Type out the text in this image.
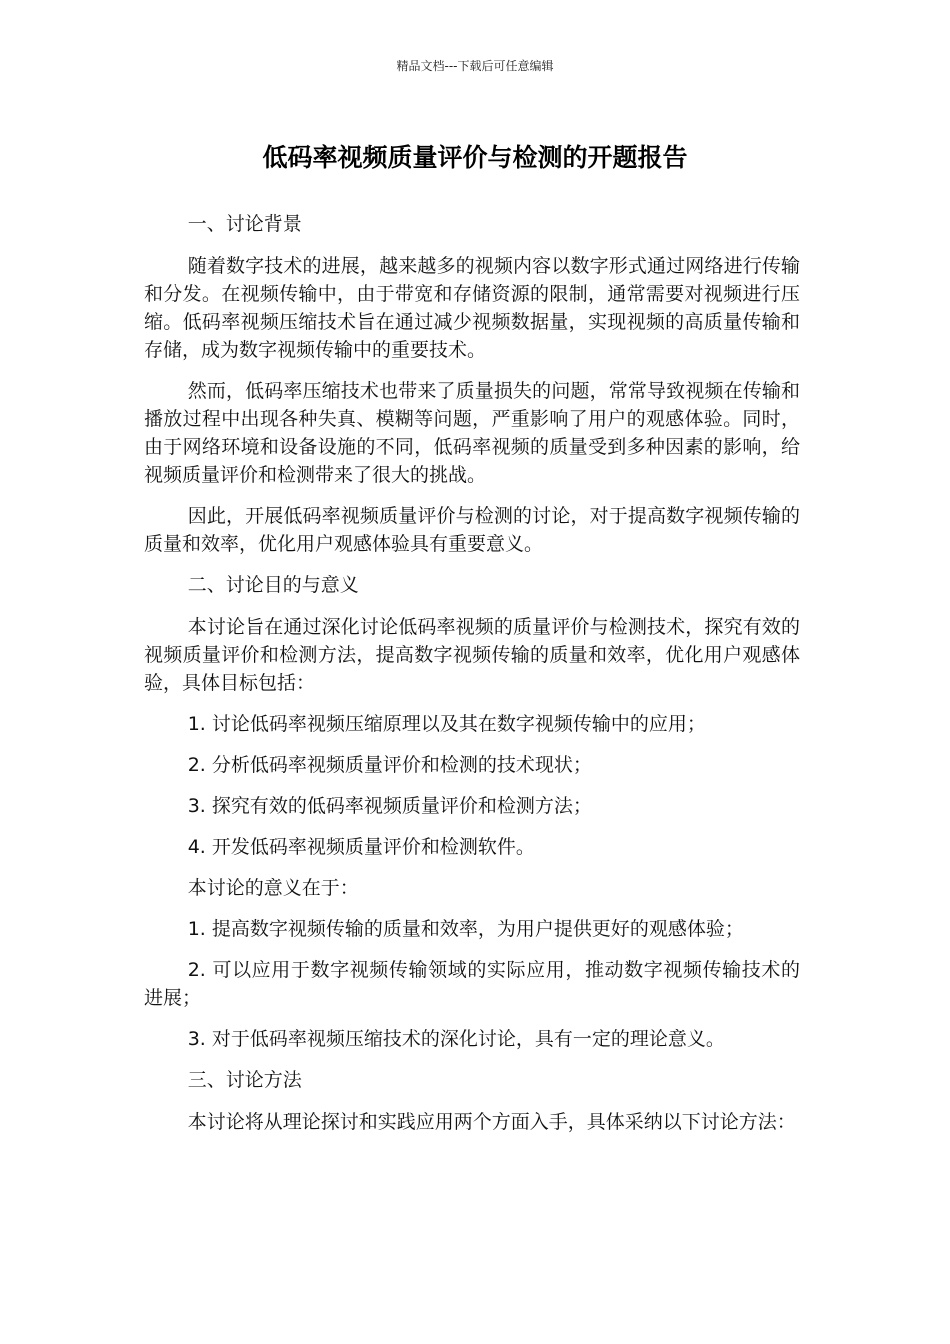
精品文档---下载后可任意编辑
低码率视频质量评价与检测的开题报告

一、讨论背景

随着数字技术的进展，越来越多的视频内容以数字形式通过网络进行传输和分发。在视频传输中，由于带宽和存储资源的限制，通常需要对视频进行压缩。低码率视频压缩技术旨在通过减少视频数据量，实现视频的高质量传输和存储，成为数字视频传输中的重要技术。

然而，低码率压缩技术也带来了质量损失的问题，常常导致视频在传输和播放过程中出现各种失真、模糊等问题，严重影响了用户的观感体验。同时，由于网络环境和设备设施的不同，低码率视频的质量受到多种因素的影响，给视频质量评价和检测带来了很大的挑战。

因此，开展低码率视频质量评价与检测的讨论，对于提高数字视频传输的质量和效率，优化用户观感体验具有重要意义。

二、讨论目的与意义

本讨论旨在通过深化讨论低码率视频的质量评价与检测技术，探究有效的视频质量评价和检测方法，提高数字视频传输的质量和效率，优化用户观感体验，具体目标包括：

1. 讨论低码率视频压缩原理以及其在数字视频传输中的应用；

2. 分析低码率视频质量评价和检测的技术现状；

3. 探究有效的低码率视频质量评价和检测方法；

4. 开发低码率视频质量评价和检测软件。

本讨论的意义在于：

1. 提高数字视频传输的质量和效率，为用户提供更好的观感体验；

2. 可以应用于数字视频传输领域的实际应用，推动数字视频传输技术的进展；

3. 对于低码率视频压缩技术的深化讨论，具有一定的理论意义。

三、讨论方法

本讨论将从理论探讨和实践应用两个方面入手，具体采纳以下讨论方法：
